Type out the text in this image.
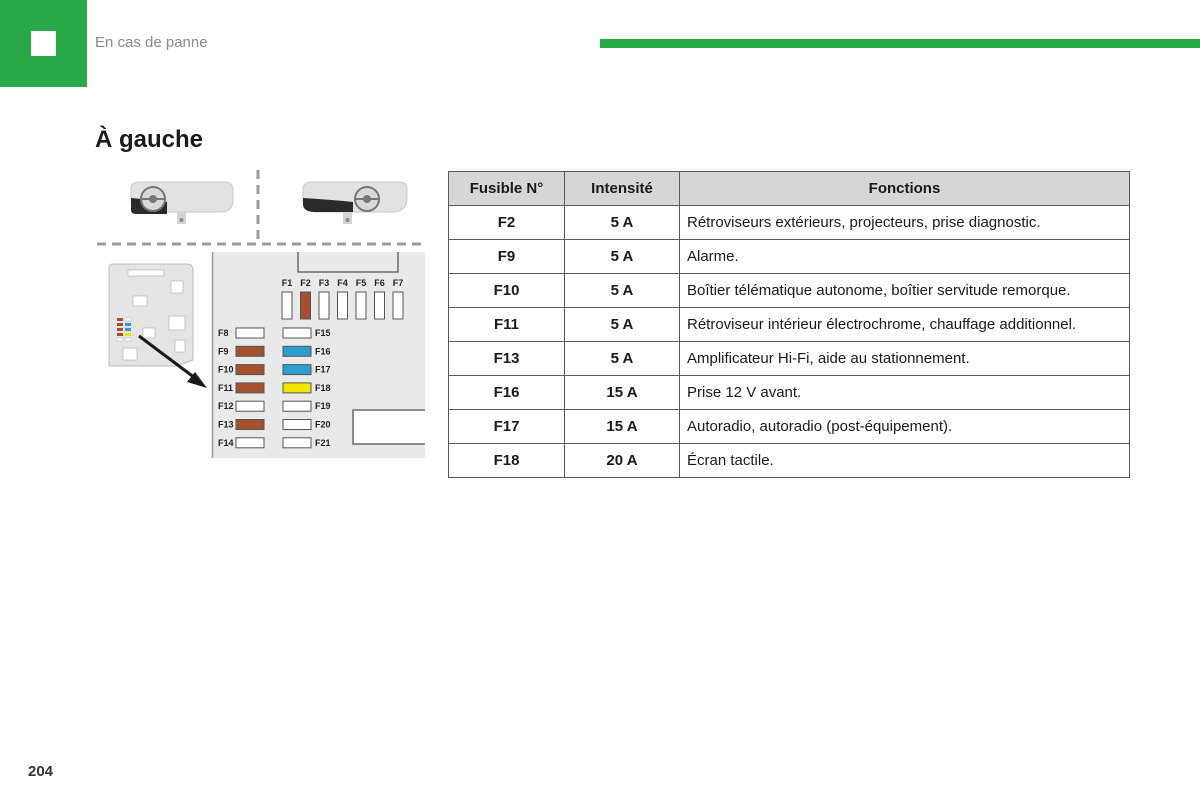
En cas de panne
À gauche
F1 F2 F3 F4 F5 F6 F7
F8
F9
F10
F11
F12
F13
F14
F15
F16
F17
F18
F19
F20
F21
Fusible N°	Intensité	Fonctions
F2	5 A	Rétroviseurs extérieurs, projecteurs, prise diagnostic.
F9	5 A	Alarme.
F10	5 A	Boîtier télématique autonome, boîtier servitude remorque.
F11	5 A	Rétroviseur intérieur électrochrome, chauffage additionnel.
F13	5 A	Amplificateur Hi-Fi, aide au stationnement.
F16	15 A	Prise 12 V avant.
F17	15 A	Autoradio, autoradio (post-équipement).
F18	20 A	Écran tactile.
204
